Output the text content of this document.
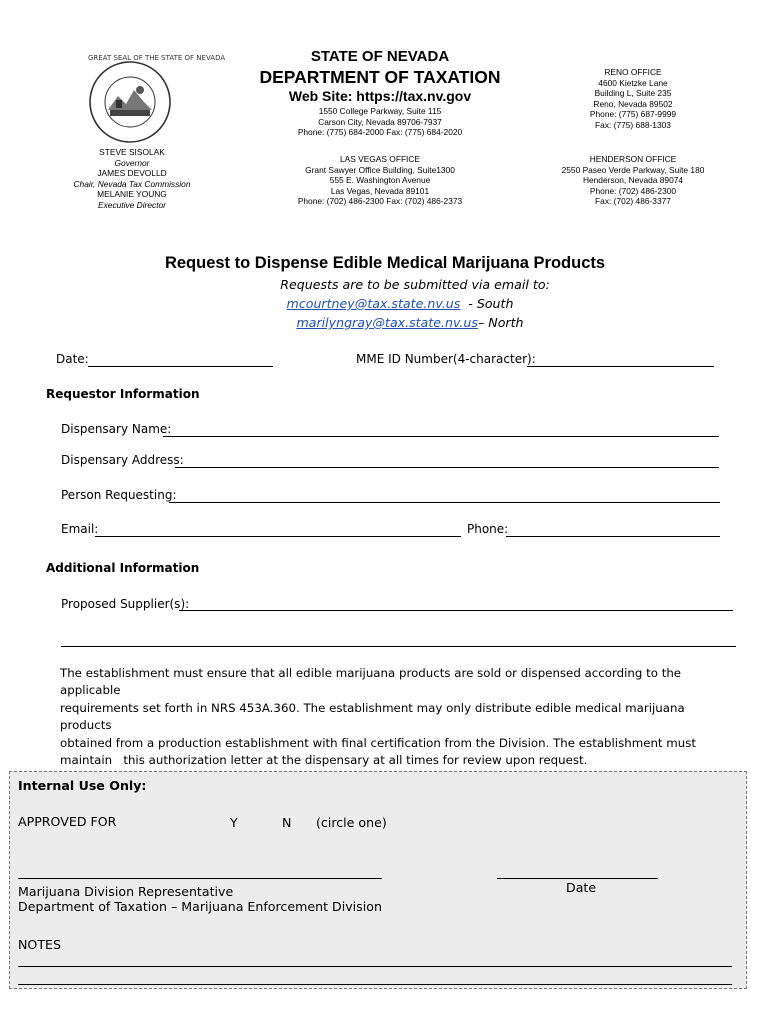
GREAT SEAL OF THE STATE OF NEVADA	STATE OF NEVADA
DEPARTMENT OF TAXATION
Web Site: https://tax.nv.gov
1550 College Parkway, Suite 115
Carson City, Nevada 89706-7937
Phone: (775) 684-2000 Fax: (775) 684-2020
RENO OFFICE
4600 Kietzke Lane
Building L, Suite 235
Reno, Nevada 89502
Phone: (775) 687-9999
Fax: (775) 688-1303
STEVE SISOLAK
Governor
JAMES DEVOLLD
Chair, Nevada Tax Commission
MELANIE YOUNG
Executive Director
LAS VEGAS OFFICE
Grant Sawyer Office Building, Suite1300
555 E. Washington Avenue
Las Vegas, Nevada 89101
Phone: (702) 486-2300 Fax: (702) 486-2373
HENDERSON OFFICE
2550 Paseo Verde Parkway, Suite 180
Henderson, Nevada 89074
Phone: (702) 486-2300
Fax: (702) 486-3377
Request to Dispense Edible Medical Marijuana Products
Requests are to be submitted via email to:
mcourtney@tax.state.nv.us  - South
marilyngray@tax.state.nv.us– North
Date:	MME ID Number(4-character):
Requestor Information
Dispensary Name:
Dispensary Address:
Person Requesting:
Email:	Phone:
Additional Information
Proposed Supplier(s):
The establishment must ensure that all edible marijuana products are sold or dispensed according to the applicable
requirements set forth in NRS 453A.360. The establishment may only distribute edible medical marijuana products
obtained from a production establishment with final certification from the Division. The establishment must
maintain   this authorization letter at the dispensary at all times for review upon request.
Internal Use Only:
APPROVED FOR	Y	N (circle one)
Date
Marijuana Division Representative
Department of Taxation – Marijuana Enforcement Division
NOTES
